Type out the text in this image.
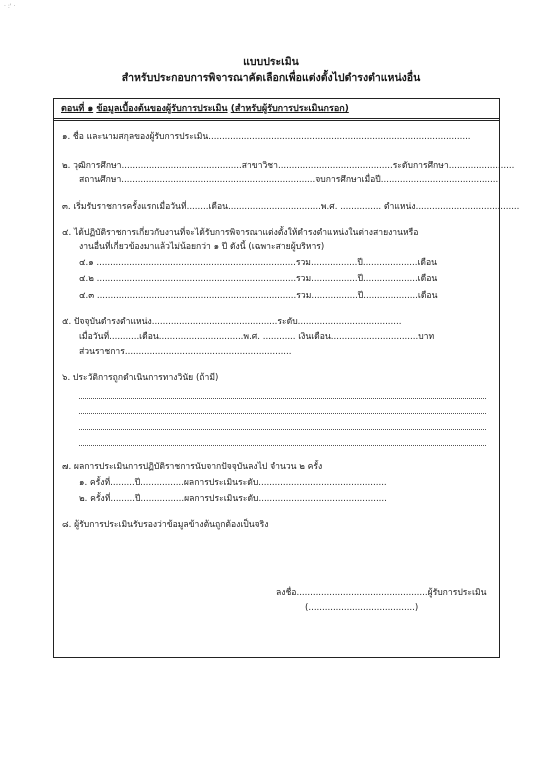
· :' ·
แบบประเมิน
สำหรับประกอบการพิจารณาคัดเลือกเพื่อแต่งตั้งไปดำรงตำแหน่งอื่น
ตอนที่ ๑ ข้อมูลเบื้องต้นของผู้รับการประเมิน (สำหรับผู้รับการประเมินกรอก)
๑. ชื่อ และนามสกุลของผู้รับการประเมิน................................................................................................
๒. วุฒิการศึกษา............................................สาขาวิชา..........................................ระดับการศึกษา........................
สถานศึกษา.......................................................................จบการศึกษาเมื่อปี...........................................
๓. เริ่มรับราชการครั้งแรกเมื่อวันที่........เดือน..................................พ.ศ. ............... ตำแหน่ง......................................
๔. ได้ปฏิบัติราชการเกี่ยวกับงานที่จะได้รับการพิจารณาแต่งตั้งให้ดำรงตำแหน่งในต่างสายงานหรือ
งานอื่นที่เกี่ยวข้องมาแล้วไม่น้อยกว่า ๑ ปี ดังนี้ (เฉพาะสายผู้บริหาร)
๔.๑ .........................................................................รวม.................ปี....................เดือน
๔.๒ .........................................................................รวม.................ปี....................เดือน
๔.๓ .........................................................................รวม.................ปี....................เดือน
๕. ปัจจุบันดำรงตำแหน่ง..............................................ระดับ......................................
เมื่อวันที่...........เดือน...............................พ.ศ. ............ เงินเดือน................................บาท
ส่วนราชการ.............................................................
๖. ประวัติการถูกดำเนินการทางวินัย (ถ้ามี)
๗. ผลการประเมินการปฏิบัติราชการนับจากปัจจุบันลงไป จำนวน ๒ ครั้ง
๑. ครั้งที่.........ปี................ผลการประเมินระดับ...............................................
๒. ครั้งที่.........ปี................ผลการประเมินระดับ...............................................
๘. ผู้รับการประเมินรับรองว่าข้อมูลข้างต้นถูกต้องเป็นจริง
ลงชื่อ................................................ผู้รับการประเมิน
(.......................................)
